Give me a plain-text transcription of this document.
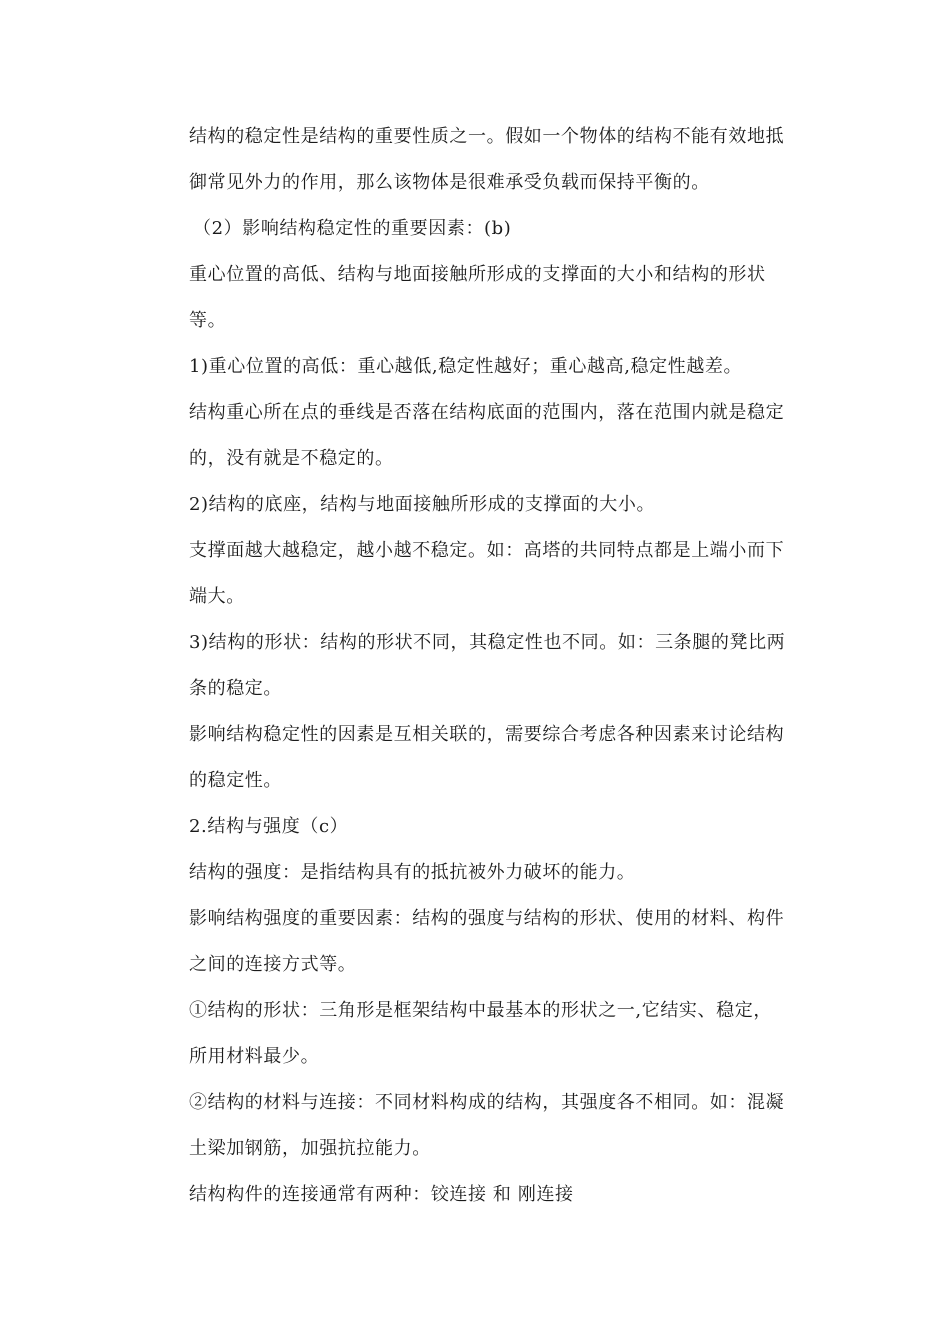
结构的稳定性是结构的重要性质之一。假如一个物体的结构不能有效地抵
御常见外力的作用，那么该物体是很难承受负载而保持平衡的。
（2）影响结构稳定性的重要因素：(b)
重心位置的高低、结构与地面接触所形成的支撑面的大小和结构的形状
等。
1)重心位置的高低：重心越低,稳定性越好；重心越高,稳定性越差。
结构重心所在点的垂线是否落在结构底面的范围内，落在范围内就是稳定
的，没有就是不稳定的。
2)结构的底座，结构与地面接触所形成的支撑面的大小。
支撑面越大越稳定，越小越不稳定。如：高塔的共同特点都是上端小而下
端大。
3)结构的形状：结构的形状不同，其稳定性也不同。如：三条腿的凳比两
条的稳定。
影响结构稳定性的因素是互相关联的，需要综合考虑各种因素来讨论结构
的稳定性。
2.结构与强度（c）
结构的强度：是指结构具有的抵抗被外力破坏的能力。
影响结构强度的重要因素：结构的强度与结构的形状、使用的材料、构件
之间的连接方式等。
①结构的形状：三角形是框架结构中最基本的形状之一,它结实、稳定，
所用材料最少。
②结构的材料与连接：不同材料构成的结构，其强度各不相同。如：混凝
土梁加钢筋，加强抗拉能力。
结构构件的连接通常有两种：铰连接 和 刚连接
